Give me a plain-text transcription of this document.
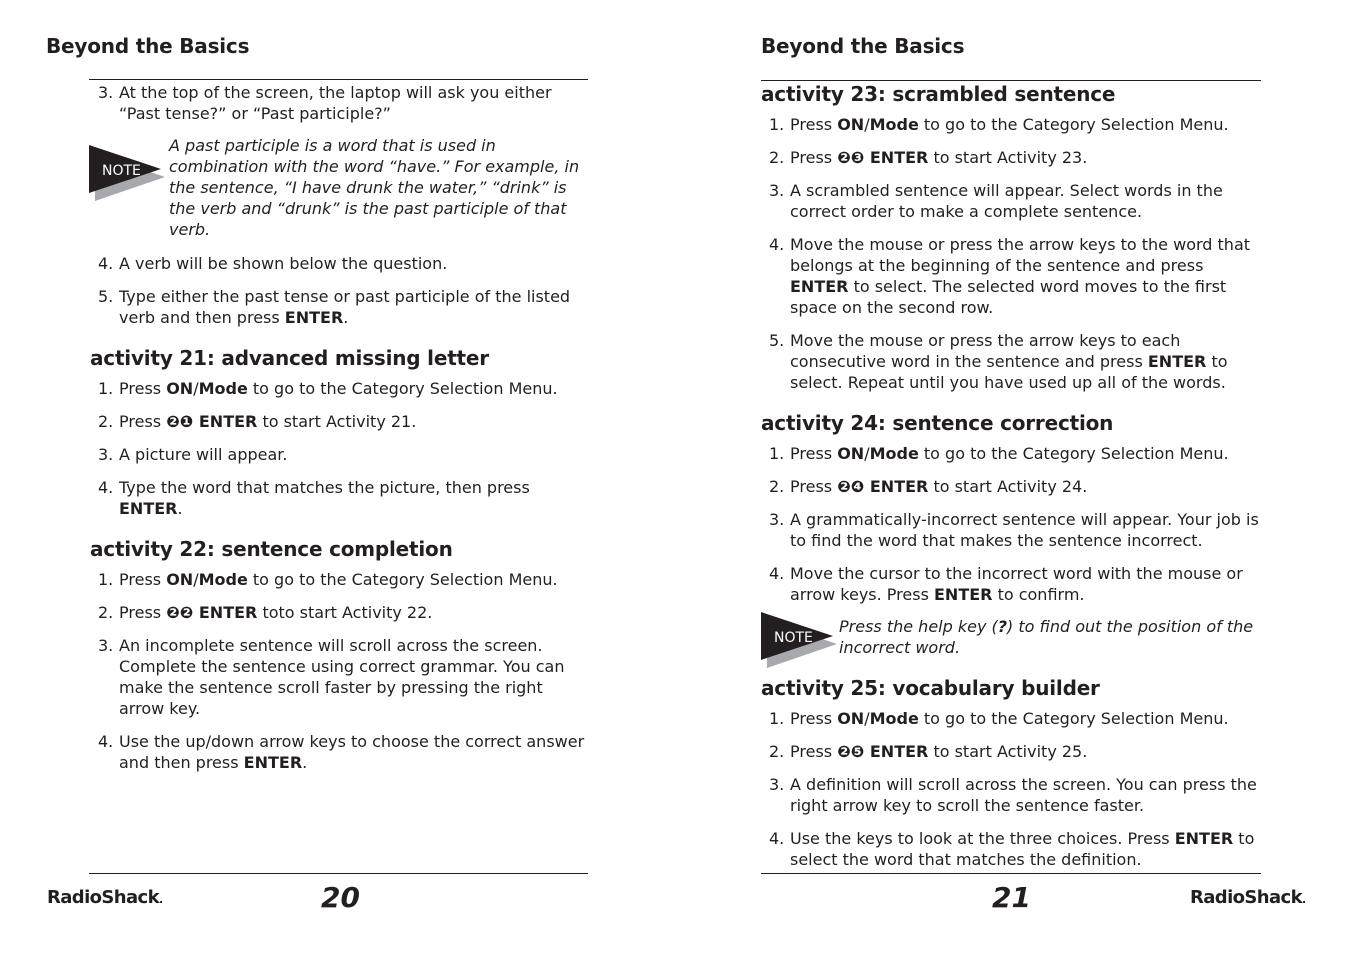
Beyond the Basics
3. At the top of the screen, the laptop will ask you either “Past tense?” or “Past participle?”
NOTE
A past participle is a word that is used in combination with the word “have.” For example, in the sentence, “I have drunk the water,” “drink” is the verb and “drunk” is the past participle of that verb.
4. A verb will be shown below the question.
5. Type either the past tense or past participle of the listed verb and then press ENTER.
activity 21: advanced missing letter
1. Press ON/Mode to go to the Category Selection Menu.
2. Press ❷❶ ENTER to start Activity 21.
3. A picture will appear.
4. Type the word that matches the picture, then press ENTER.
activity 22: sentence completion
1. Press ON/Mode to go to the Category Selection Menu.
2. Press ❷❷ ENTER toto start Activity 22.
3. An incomplete sentence will scroll across the screen. Complete the sentence using correct grammar. You can make the sentence scroll faster by pressing the right arrow key.
4. Use the up/down arrow keys to choose the correct answer and then press ENTER.
RadioShack.	20
Beyond the Basics
activity 23: scrambled sentence
1. Press ON/Mode to go to the Category Selection Menu.
2. Press ❷❸ ENTER to start Activity 23.
3. A scrambled sentence will appear. Select words in the correct order to make a complete sentence.
4. Move the mouse or press the arrow keys to the word that belongs at the beginning of the sentence and press ENTER to select. The selected word moves to the first space on the second row.
5. Move the mouse or press the arrow keys to each consecutive word in the sentence and press ENTER to select. Repeat until you have used up all of the words.
activity 24: sentence correction
1. Press ON/Mode to go to the Category Selection Menu.
2. Press ❷❹ ENTER to start Activity 24.
3. A grammatically-incorrect sentence will appear. Your job is to find the word that makes the sentence incorrect.
4. Move the cursor to the incorrect word with the mouse or arrow keys. Press ENTER to confirm.
NOTE
Press the help key (?) to find out the position of the incorrect word.
activity 25: vocabulary builder
1. Press ON/Mode to go to the Category Selection Menu.
2. Press ❷❺ ENTER to start Activity 25.
3. A definition will scroll across the screen. You can press the right arrow key to scroll the sentence faster.
4. Use the keys to look at the three choices. Press ENTER to select the word that matches the definition.
21	RadioShack.
